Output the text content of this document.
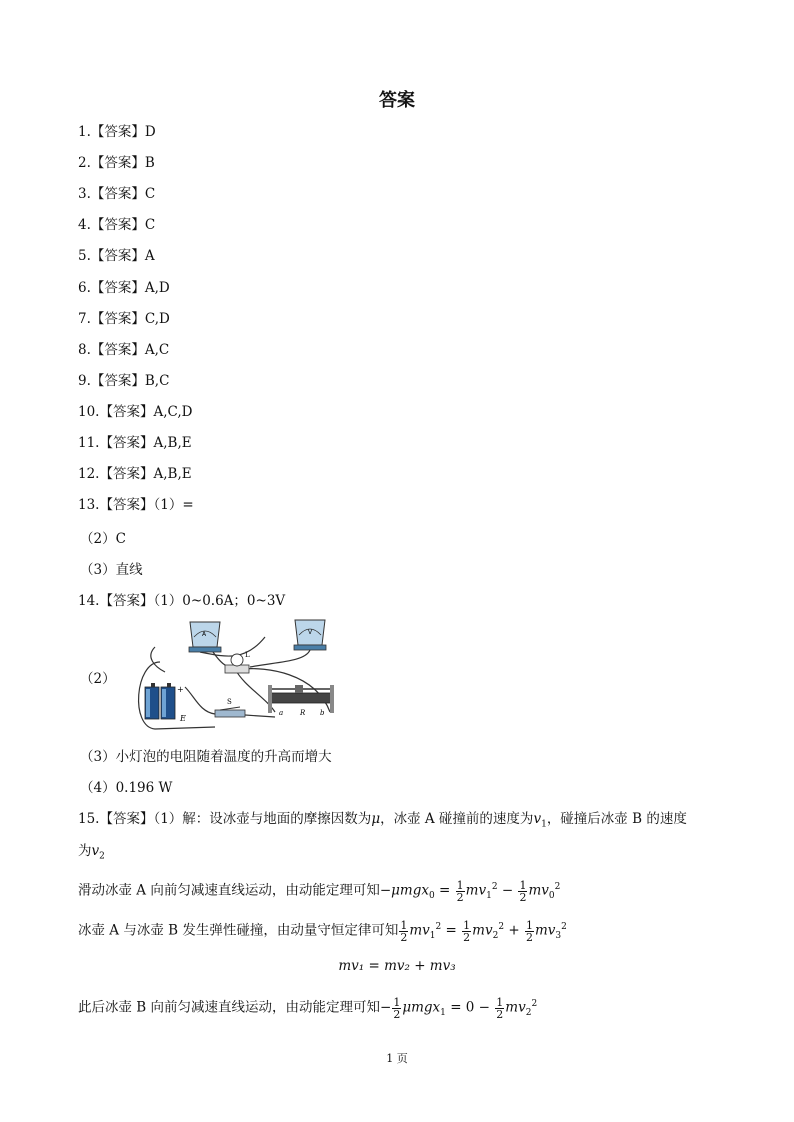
答案
1.【答案】D
2.【答案】B
3.【答案】C
4.【答案】C
5.【答案】A
6.【答案】A,D
7.【答案】C,D
8.【答案】A,C
9.【答案】B,C
10.【答案】A,C,D
11.【答案】A,B,E
12.【答案】A,B,E
13.【答案】（1）=
（2）C
（3）直线
14.【答案】（1）0~0.6A；0~3V
（2）
A	V
L
+
E
S
a R b
（3）小灯泡的电阻随着温度的升高而增大
（4）0.196 W
15.【答案】（1）解：设冰壶与地面的摩擦因数为μ，冰壶 A 碰撞前的速度为$v_1$，碰撞后冰壶 B 的速度
为$v_2$
滑动冰壶 A 向前匀减速直线运动，由动能定理可知$-\mu mgx_0 = \frac{1}{2} mv_1^2 - \frac{1}{2} mv_0^2$
冰壶 A 与冰壶 B 发生弹性碰撞，由动量守恒定律可知 $\frac{1}{2} mv_1^2 = \frac{1}{2} mv_2^2 + \frac{1}{2} mv_3^2$
mv₁ = mv₂ + mv₃
此后冰壶 B 向前匀减速直线运动，由动能定理可知− $\frac{1}{2} \mu mgx_1 = 0 - \frac{1}{2} mv_2^2$
1 页
